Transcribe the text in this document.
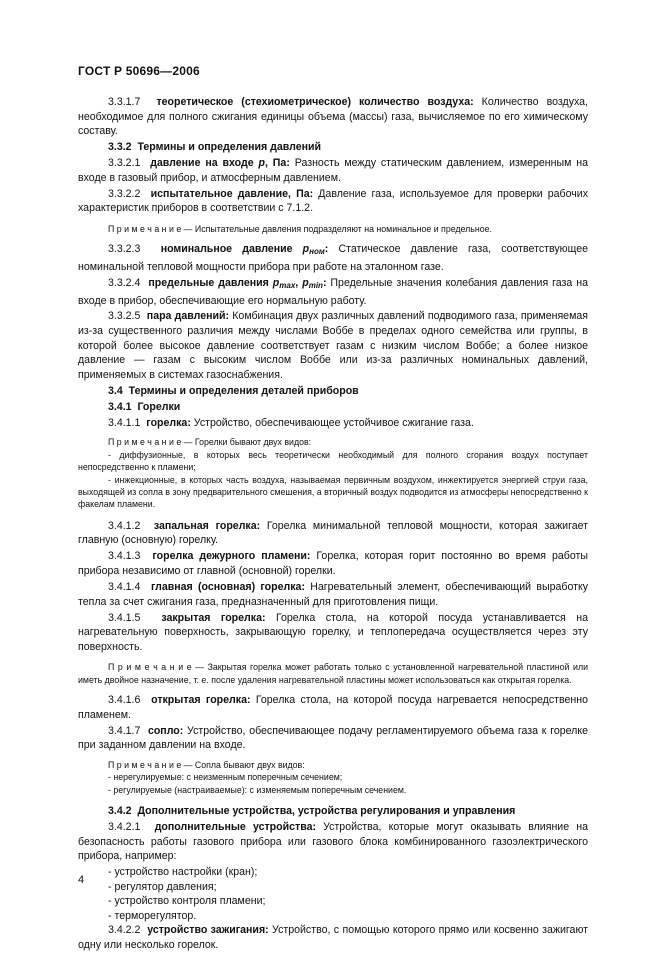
ГОСТ Р 50696—2006

3.3.1.7 теоретическое (стехиометрическое) количество воздуха: Количество воздуха, необходимое для полного сжигания единицы объема (массы) газа, вычисляемое по его химическому составу.

3.3.2 Термины и определения давлений

3.3.2.1 давление на входе p, Па: Разность между статическим давлением, измеренным на входе в газовый прибор, и атмосферным давлением.

3.3.2.2 испытательное давление, Па: Давление газа, используемое для проверки рабочих характеристик приборов в соответствии с 7.1.2.

П р и м е ч а н и е — Испытательные давления подразделяют на номинальное и предельное.

3.3.2.3 номинальное давление $p_{ном}$: Статическое давление газа, соответствующее номинальной тепловой мощности прибора при работе на эталонном газе.

3.3.2.4 предельные давления $p_{max}$, $p_{min}$: Предельные значения колебания давления газа на входе в прибор, обеспечивающие его нормальную работу.

3.3.2.5 пара давлений: Комбинация двух различных давлений подводимого газа, применяемая из-за существенного различия между числами Воббе в пределах одного семейства или группы, в которой более высокое давление соответствует газам с низким числом Воббе; а более низкое давление — газам с высоким числом Воббе или из-за различных номинальных давлений, применяемых в системах газоснабжения.

3.4 Термины и определения деталей приборов

3.4.1 Горелки

3.4.1.1 горелка: Устройство, обеспечивающее устойчивое сжигание газа.

П р и м е ч а н и е — Горелки бывают двух видов:

- диффузионные, в которых весь теоретически необходимый для полного сгорания воздух поступает непосредственно к пламени;

- инжекционные, в которых часть воздуха, называемая первичным воздухом, инжектируется энергией струи газа, выходящей из сопла в зону предварительного смешения, а вторичный воздух подводится из атмосферы непосредственно к факелам пламени.

3.4.1.2 запальная горелка: Горелка минимальной тепловой мощности, которая зажигает главную (основную) горелку.

3.4.1.3 горелка дежурного пламени: Горелка, которая горит постоянно во время работы прибора независимо от главной (основной) горелки.

3.4.1.4 главная (основная) горелка: Нагревательный элемент, обеспечивающий выработку тепла за счет сжигания газа, предназначенный для приготовления пищи.

3.4.1.5 закрытая горелка: Горелка стола, на которой посуда устанавливается на нагревательную поверхность, закрывающую горелку, и теплопередача осуществляется через эту поверхность.

П р и м е ч а н и е — Закрытая горелка может работать только с установленной нагревательной пластиной или иметь двойное назначение, т. е. после удаления нагревательной пластины может использоваться как открытая горелка.

3.4.1.6 открытая горелка: Горелка стола, на которой посуда нагревается непосредственно пламенем.

3.4.1.7 сопло: Устройство, обеспечивающее подачу регламентируемого объема газа к горелке при заданном давлении на входе.

П р и м е ч а н и е — Сопла бывают двух видов:

- нерегулируемые: с неизменным поперечным сечением;

- регулируемые (настраиваемые): с изменяемым поперечным сечением.

3.4.2 Дополнительные устройства, устройства регулирования и управления

3.4.2.1 дополнительные устройства: Устройства, которые могут оказывать влияние на безопасность работы газового прибора или газового блока комбинированного газоэлектрического прибора, например:

- устройство настройки (кран);

- регулятор давления;

- устройство контроля пламени;

- терморегулятор.

3.4.2.2 устройство зажигания: Устройство, с помощью которого прямо или косвенно зажигают одну или несколько горелок.

4
